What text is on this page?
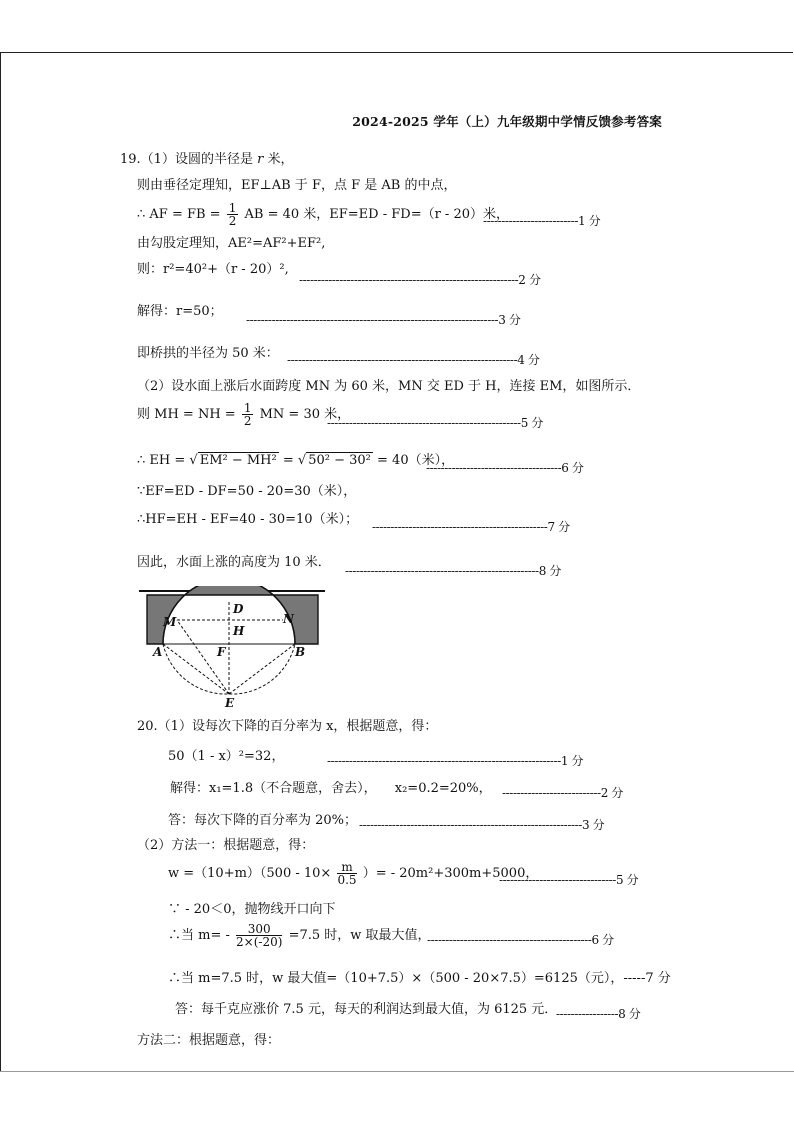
2024-2025 学年（上）九年级期中学情反馈参考答案
19.（1）设圆的半径是 r 米，
则由垂径定理知，EF⊥AB 于 F，点 F 是 AB 的中点，
∴ AF = FB = $\frac{1}{2}$ AB = 40 米，EF=ED - FD=（r - 20）米，
--------------------------1 分
由勾股定理知，AE²=AF²+EF²,
则：r²=40²+（r - 20）²,
------------------------------------------------------------2 分
解得：r=50；
---------------------------------------------------------------------3 分
即桥拱的半径为 50 米： ---------------------------------------------------------------4 分
（2）设水面上涨后水面跨度 MN 为 60 米，MN 交 ED 于 H，连接 EM，如图所示．
则 MH = NH = $\frac{1}{2}$ MN = 30 米，
-----------------------------------------------------5 分
∴ EH = √ EM² − MH² = √ 50² − 30² = 40（米），
-------------------------------------6 分
∵EF=ED - DF=50 - 20=30（米），
∴HF=EH - EF=40 - 30=10（米）； ------------------------------------------------7 分
因此，水面上涨的高度为 10 米．
-----------------------------------------------------8 分
M
D
N
H
A	F	B
E
20.（1）设每次下降的百分率为 x，根据题意，得：
50（1 - x）²=32，	----------------------------------------------------------------1 分
解得：x₁=1.8（不合题意，舍去）， x₂=0.2=20%， ---------------------------2 分
答：每次下降的百分率为 20%； -------------------------------------------------------------3 分
（2）方法一：根据题意，得：
$w =(10+m)(500 - 10\times \frac{m}{0.5}$ ）= - 20m²+300m+5000，
--------------------------------5 分
∵ - 20＜0，抛物线开口向下
∴当 $m= - \frac{300}{2\times(-20)} =7.5$ 时，w 取最大值，
---------------------------------------------6 分
∴当 m=7.5 时，w 最大值=（10+7.5）×（500 - 20×7.5）=6125（元），-----7 分
答：每千克应涨价 7.5 元，每天的利润达到最大值，为 6125 元．
-----------------8 分
方法二：根据题意，得：
